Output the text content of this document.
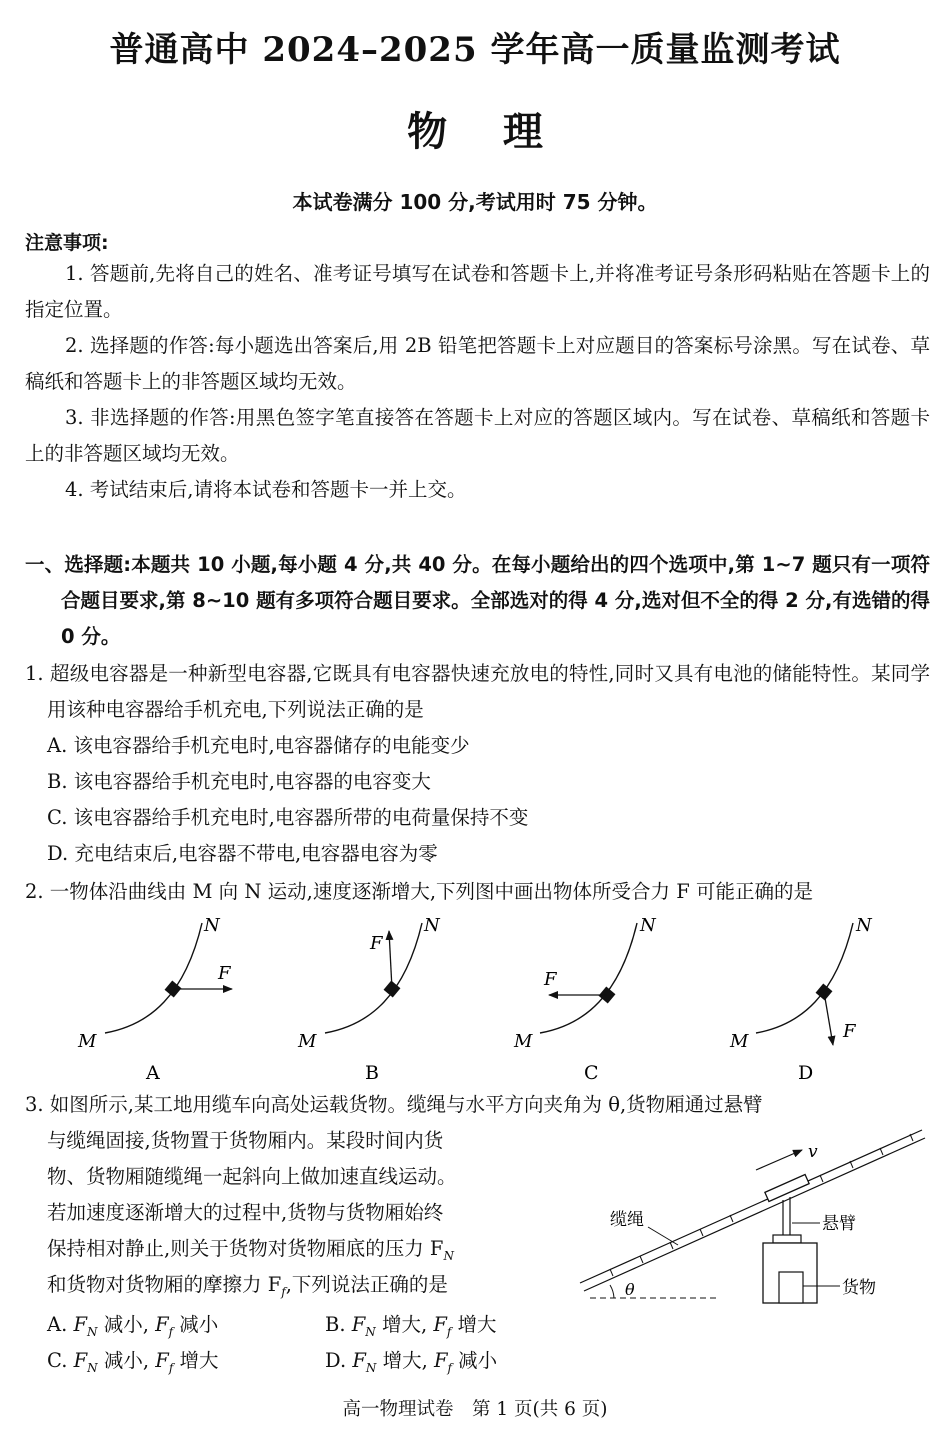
普通高中 2024–2025 学年高一质量监测考试
物    理
本试卷满分 100 分,考试用时 75 分钟。
注意事项:
1. 答题前,先将自己的姓名、准考证号填写在试卷和答题卡上,并将准考证号条形码粘贴在答题卡上的指定位置。
2. 选择题的作答:每小题选出答案后,用 2B 铅笔把答题卡上对应题目的答案标号涂黑。写在试卷、草稿纸和答题卡上的非答题区域均无效。
3. 非选择题的作答:用黑色签字笔直接答在答题卡上对应的答题区域内。写在试卷、草稿纸和答题卡上的非答题区域均无效。
4. 考试结束后,请将本试卷和答题卡一并上交。
一、选择题:本题共 10 小题,每小题 4 分,共 40 分。在每小题给出的四个选项中,第 1~7 题只有一项符合题目要求,第 8~10 题有多项符合题目要求。全部选对的得 4 分,选对但不全的得 2 分,有选错的得 0 分。
1. 超级电容器是一种新型电容器,它既具有电容器快速充放电的特性,同时又具有电池的储能特性。某同学用该种电容器给手机充电,下列说法正确的是
A. 该电容器给手机充电时,电容器储存的电能变少
B. 该电容器给手机充电时,电容器的电容变大
C. 该电容器给手机充电时,电容器所带的电荷量保持不变
D. 充电结束后,电容器不带电,电容器电容为零
2. 一物体沿曲线由 M 向 N 运动,速度逐渐增大,下列图中画出物体所受合力 F 可能正确的是
M
N
F
A
M
N
F
B
M
N
F
C
M
N
F
D
3. 如图所示,某工地用缆车向高处运载货物。缆绳与水平方向夹角为 θ,货物厢通过悬臂
与缆绳固接,货物置于货物厢内。某段时间内货
物、货物厢随缆绳一起斜向上做加速直线运动。
若加速度逐渐增大的过程中,货物与货物厢始终
保持相对静止,则关于货物对货物厢底的压力 $F_N$
和货物对货物厢的摩擦力 $F_f$,下列说法正确的是
A. $F_N$ 减小, $F_f$ 减小	B. $F_N$ 增大, $F_f$ 增大
C. $F_N$ 减小, $F_f$ 增大	D. $F_N$ 增大, $F_f$ 减小
v
缆绳	悬臂
货物
θ
高一物理试卷　第 1 页(共 6 页)
